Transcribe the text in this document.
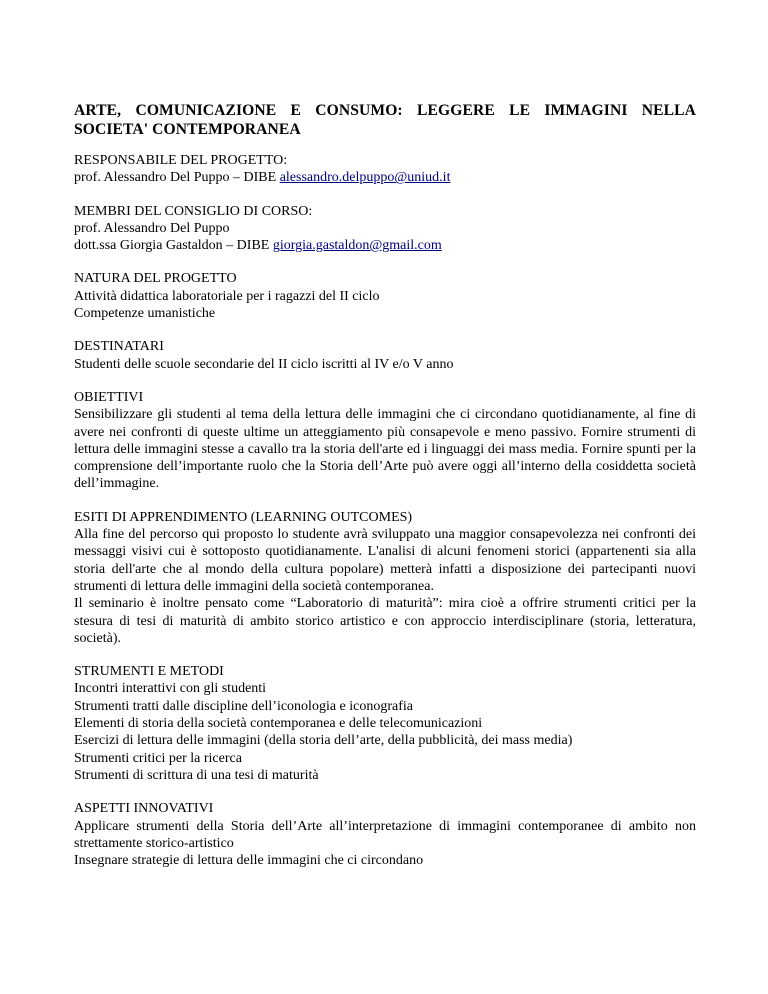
ARTE, COMUNICAZIONE E CONSUMO: LEGGERE LE IMMAGINI NELLA SOCIETA' CONTEMPORANEA
RESPONSABILE DEL PROGETTO:
prof. Alessandro Del Puppo – DIBE alessandro.delpuppo@uniud.it
MEMBRI DEL CONSIGLIO DI CORSO:
prof. Alessandro Del Puppo
dott.ssa Giorgia Gastaldon – DIBE giorgia.gastaldon@gmail.com
NATURA DEL PROGETTO
Attività didattica laboratoriale per i ragazzi del II ciclo
Competenze umanistiche
DESTINATARI
Studenti delle scuole secondarie del II ciclo iscritti al IV e/o V anno
OBIETTIVI
Sensibilizzare gli studenti al tema della lettura delle immagini che ci circondano quotidianamente, al fine di avere nei confronti di queste ultime un atteggiamento più consapevole e meno passivo. Fornire strumenti di lettura delle immagini stesse a cavallo tra la storia dell'arte ed i linguaggi dei mass media. Fornire spunti per la comprensione dell’importante ruolo che la Storia dell’Arte può avere oggi all’interno della cosiddetta società dell’immagine.
ESITI DI APPRENDIMENTO (LEARNING OUTCOMES)
Alla fine del percorso qui proposto lo studente avrà sviluppato una maggior consapevolezza nei confronti dei messaggi visivi cui è sottoposto quotidianamente. L'analisi di alcuni fenomeni storici (appartenenti sia alla storia dell'arte che al mondo della cultura popolare) metterà infatti a disposizione dei partecipanti nuovi strumenti di lettura delle immagini della società contemporanea.
Il seminario è inoltre pensato come “Laboratorio di maturità”: mira cioè a offrire strumenti critici per la stesura di tesi di maturità di ambito storico artistico e con approccio interdisciplinare (storia, letteratura, società).
STRUMENTI E METODI
Incontri interattivi con gli studenti
Strumenti tratti dalle discipline dell’iconologia e iconografia
Elementi di storia della società contemporanea e delle telecomunicazioni
Esercizi di lettura delle immagini (della storia dell’arte, della pubblicità, dei mass media)
Strumenti critici per la ricerca
Strumenti di scrittura di una tesi di maturità
ASPETTI INNOVATIVI
Applicare strumenti della Storia dell’Arte all’interpretazione di immagini contemporanee di ambito non strettamente storico-artistico
Insegnare strategie di lettura delle immagini che ci circondano
